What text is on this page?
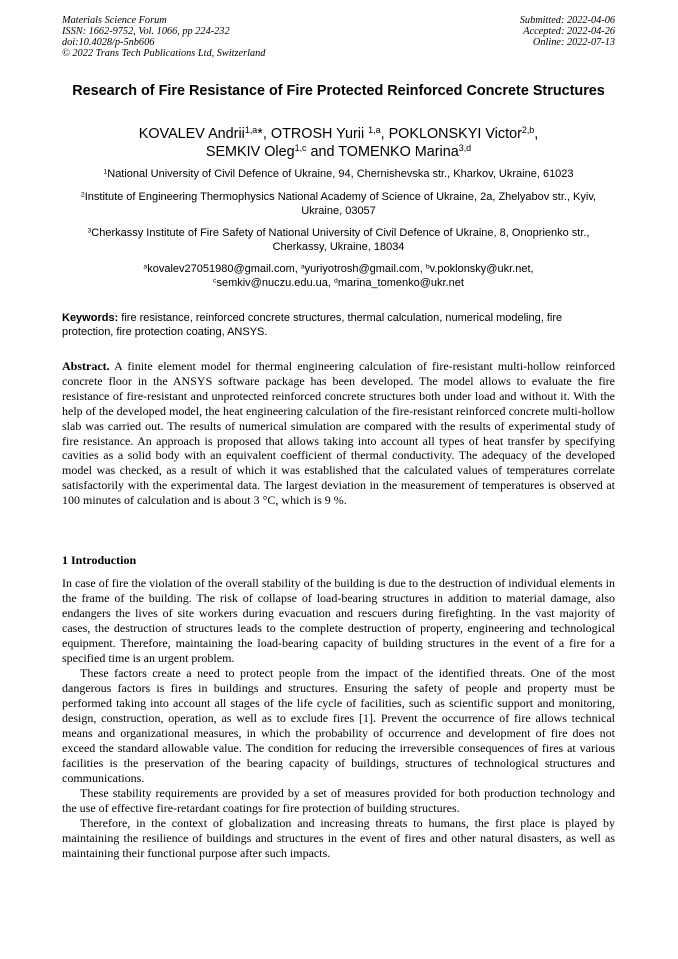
Materials Science Forum
ISSN: 1662-9752, Vol. 1066, pp 224-232
doi:10.4028/p-5nb606
© 2022 Trans Tech Publications Ltd, Switzerland
Submitted: 2022-04-06
Accepted: 2022-04-26
Online: 2022-07-13
Research of Fire Resistance of Fire Protected Reinforced Concrete Structures
KOVALEV Andrii$^{1,a}$*, OTROSH Yurii $^{1,a}$, POKLONSKYI Victor$^{2,b}$,
SEMKIV Oleg$^{1,c}$ and TOMENKO Marina$^{3,d}$
$^1$National University of Civil Defence of Ukraine, 94, Chernishevska str., Kharkov, Ukraine, 61023
$^2$Institute of Engineering Thermophysics National Academy of Science of Ukraine, 2a, Zhelyabov str., Kyiv, Ukraine, 03057
$^3$Cherkassy Institute of Fire Safety of National University of Civil Defence of Ukraine, 8, Onoprienko str., Cherkassy, Ukraine, 18034
$^a$kovalev27051980@gmail.com, $^a$yuriyotrosh@gmail.com, $^b$v.poklonsky@ukr.net,
$^c$semkiv@nuczu.edu.ua, $^d$marina_tomenko@ukr.net
Keywords: fire resistance, reinforced concrete structures, thermal calculation, numerical modeling, fire protection, fire protection coating, ANSYS.
Abstract. A finite element model for thermal engineering calculation of fire-resistant multi-hollow reinforced concrete floor in the ANSYS software package has been developed. The model allows to evaluate the fire resistance of fire-resistant and unprotected reinforced concrete structures both under load and without it. With the help of the developed model, the heat engineering calculation of the fire-resistant reinforced concrete multi-hollow slab was carried out. The results of numerical simulation are compared with the results of experimental study of fire resistance. An approach is proposed that allows taking into account all types of heat transfer by specifying cavities as a solid body with an equivalent coefficient of thermal conductivity. The adequacy of the developed model was checked, as a result of which it was established that the calculated values of temperatures correlate satisfactorily with the experimental data. The largest deviation in the measurement of temperatures is observed at 100 minutes of calculation and is about 3 °C, which is 9 %.
1 Introduction

In case of fire the violation of the overall stability of the building is due to the destruction of individual elements in the frame of the building. The risk of collapse of load-bearing structures in addition to material damage, also endangers the lives of site workers during evacuation and rescuers during firefighting. In the vast majority of cases, the destruction of structures leads to the complete destruction of property, engineering and technological equipment. Therefore, maintaining the load-bearing capacity of building structures in the event of a fire for a specified time is an urgent problem.

These factors create a need to protect people from the impact of the identified threats. One of the most dangerous factors is fires in buildings and structures. Ensuring the safety of people and property must be performed taking into account all stages of the life cycle of facilities, such as scientific support and monitoring, design, construction, operation, as well as to exclude fires [1]. Prevent the occurrence of fire allows technical means and organizational measures, in which the probability of occurrence and development of fire does not exceed the standard allowable value. The condition for reducing the irreversible consequences of fires at various facilities is the preservation of the bearing capacity of buildings, structures of technological structures and communications.

These stability requirements are provided by a set of measures provided for both production technology and the use of effective fire-retardant coatings for fire protection of building structures.

Therefore, in the context of globalization and increasing threats to humans, the first place is played by maintaining the resilience of buildings and structures in the event of fires and other natural disasters, as well as maintaining their functional purpose after such impacts.
